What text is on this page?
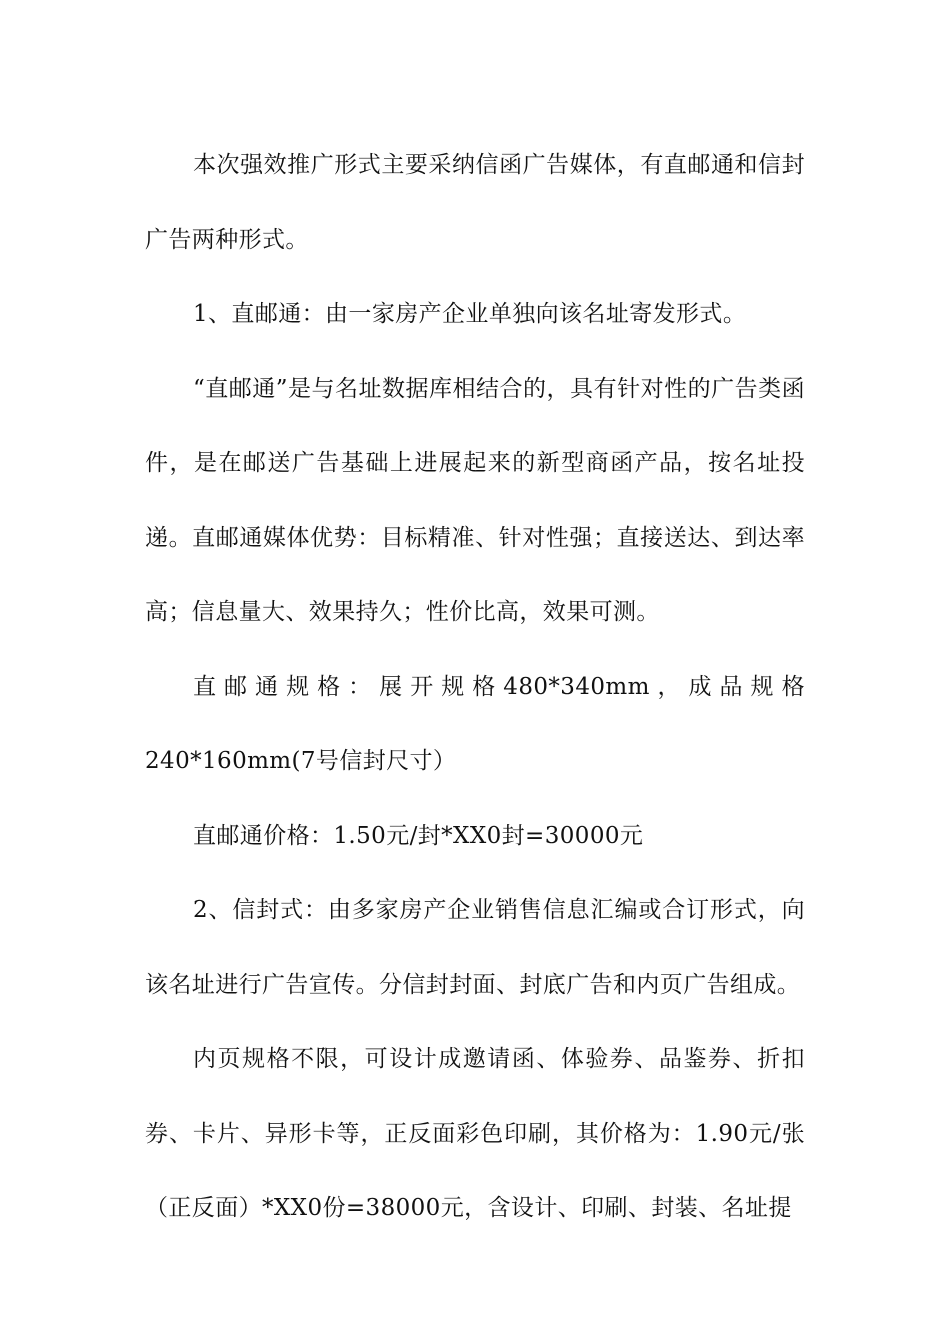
本次强效推广形式主要采纳信函广告媒体，有直邮通和信封广告两种形式。

1、直邮通：由一家房产企业单独向该名址寄发形式。

“直邮通”是与名址数据库相结合的，具有针对性的广告类函件，是在邮送广告基础上进展起来的新型商函产品，按名址投递。直邮通媒体优势：目标精准、针对性强；直接送达、到达率高；信息量大、效果持久；性价比高，效果可测。

直邮通规格：展开规格480*340mm，成品规格240*160mm(7号信封尺寸）

直邮通价格：1.50元/封*XX0封=30000元

2、信封式：由多家房产企业销售信息汇编或合订形式，向该名址进行广告宣传。分信封封面、封底广告和内页广告组成。

内页规格不限，可设计成邀请函、体验券、品鉴券、折扣券、卡片、异形卡等，正反面彩色印刷，其价格为：1.90元/张（正反面）*XX0份=38000元，含设计、印刷、封装、名址提
